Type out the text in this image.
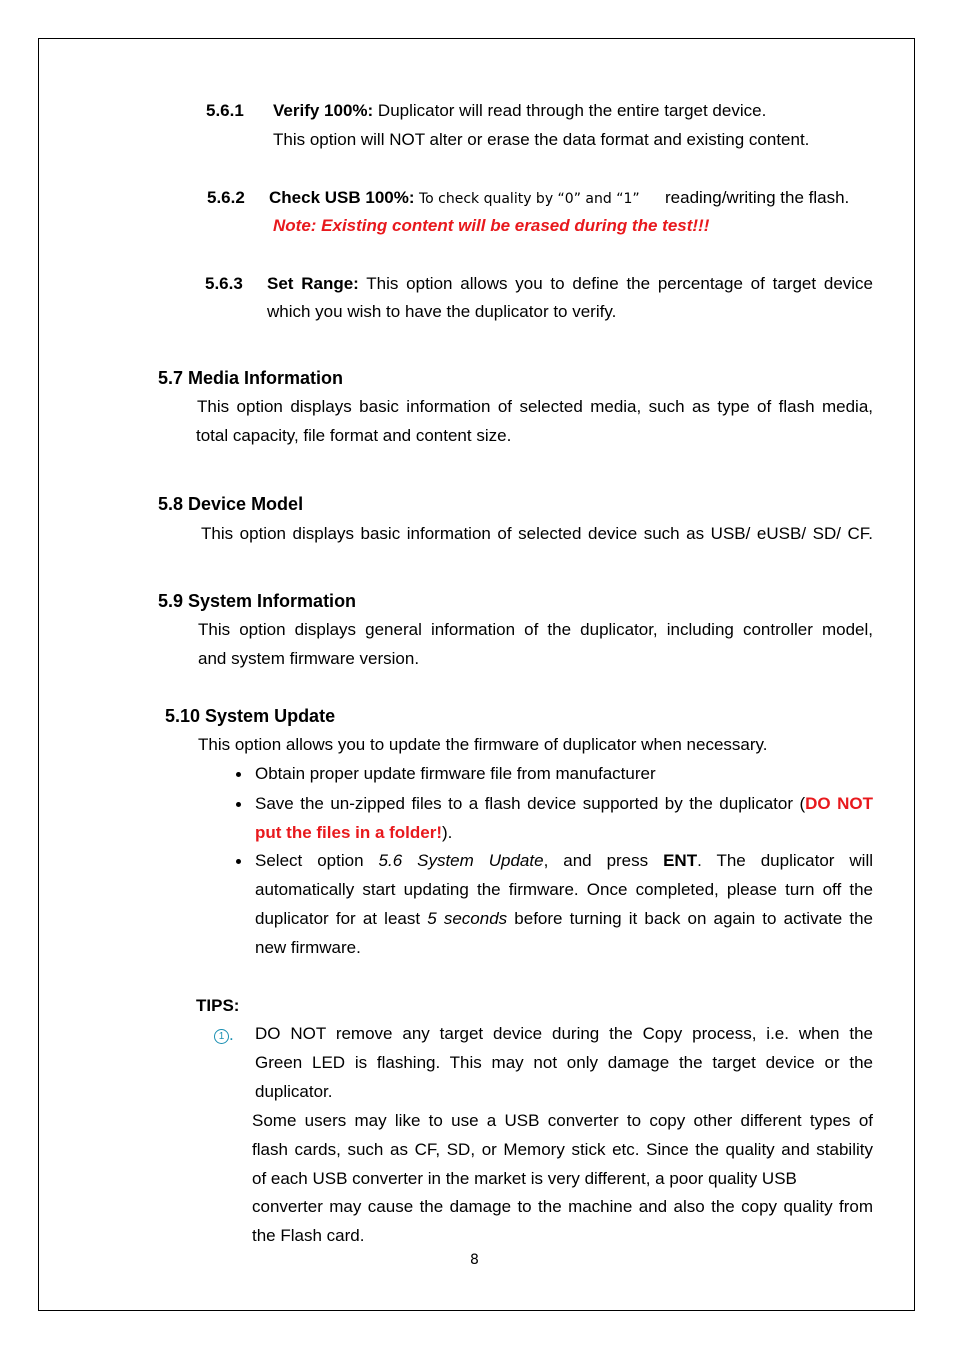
5.6.1 Verify 100%: Duplicator will read through the entire target device.
This option will NOT alter or erase the data format and existing content.
5.6.2 Check USB 100%: To check quality by “0” and “1” reading/writing the flash.
Note: Existing content will be erased during the test!!!
5.6.3 Set Range: This option allows you to define the percentage of target device
which you wish to have the duplicator to verify.
5.7 Media Information
This option displays basic information of selected media, such as type of flash media,
total capacity, file format and content size.
5.8 Device Model
This option displays basic information of selected device such as USB/ eUSB/ SD/ CF.
5.9 System Information
This option displays general information of the duplicator, including controller model,
and system firmware version.
5.10 System Update
This option allows you to update the firmware of duplicator when necessary.
Obtain proper update firmware file from manufacturer
Save the un-zipped files to a flash device supported by the duplicator (DO NOT
put the files in a folder!).
Select option 5.6 System Update, and press ENT. The duplicator will
automatically start updating the firmware. Once completed, please turn off the
duplicator for at least 5 seconds before turning it back on again to activate the
new firmware.
TIPS:
1 . DO NOT remove any target device during the Copy process, i.e. when the
Green LED is flashing. This may not only damage the target device or the
duplicator.
Some users may like to use a USB converter to copy other different types of
flash cards, such as CF, SD, or Memory stick etc. Since the quality and stability
of each USB converter in the market is very different, a poor quality USB
converter may cause the damage to the machine and also the copy quality from
the Flash card.
8
